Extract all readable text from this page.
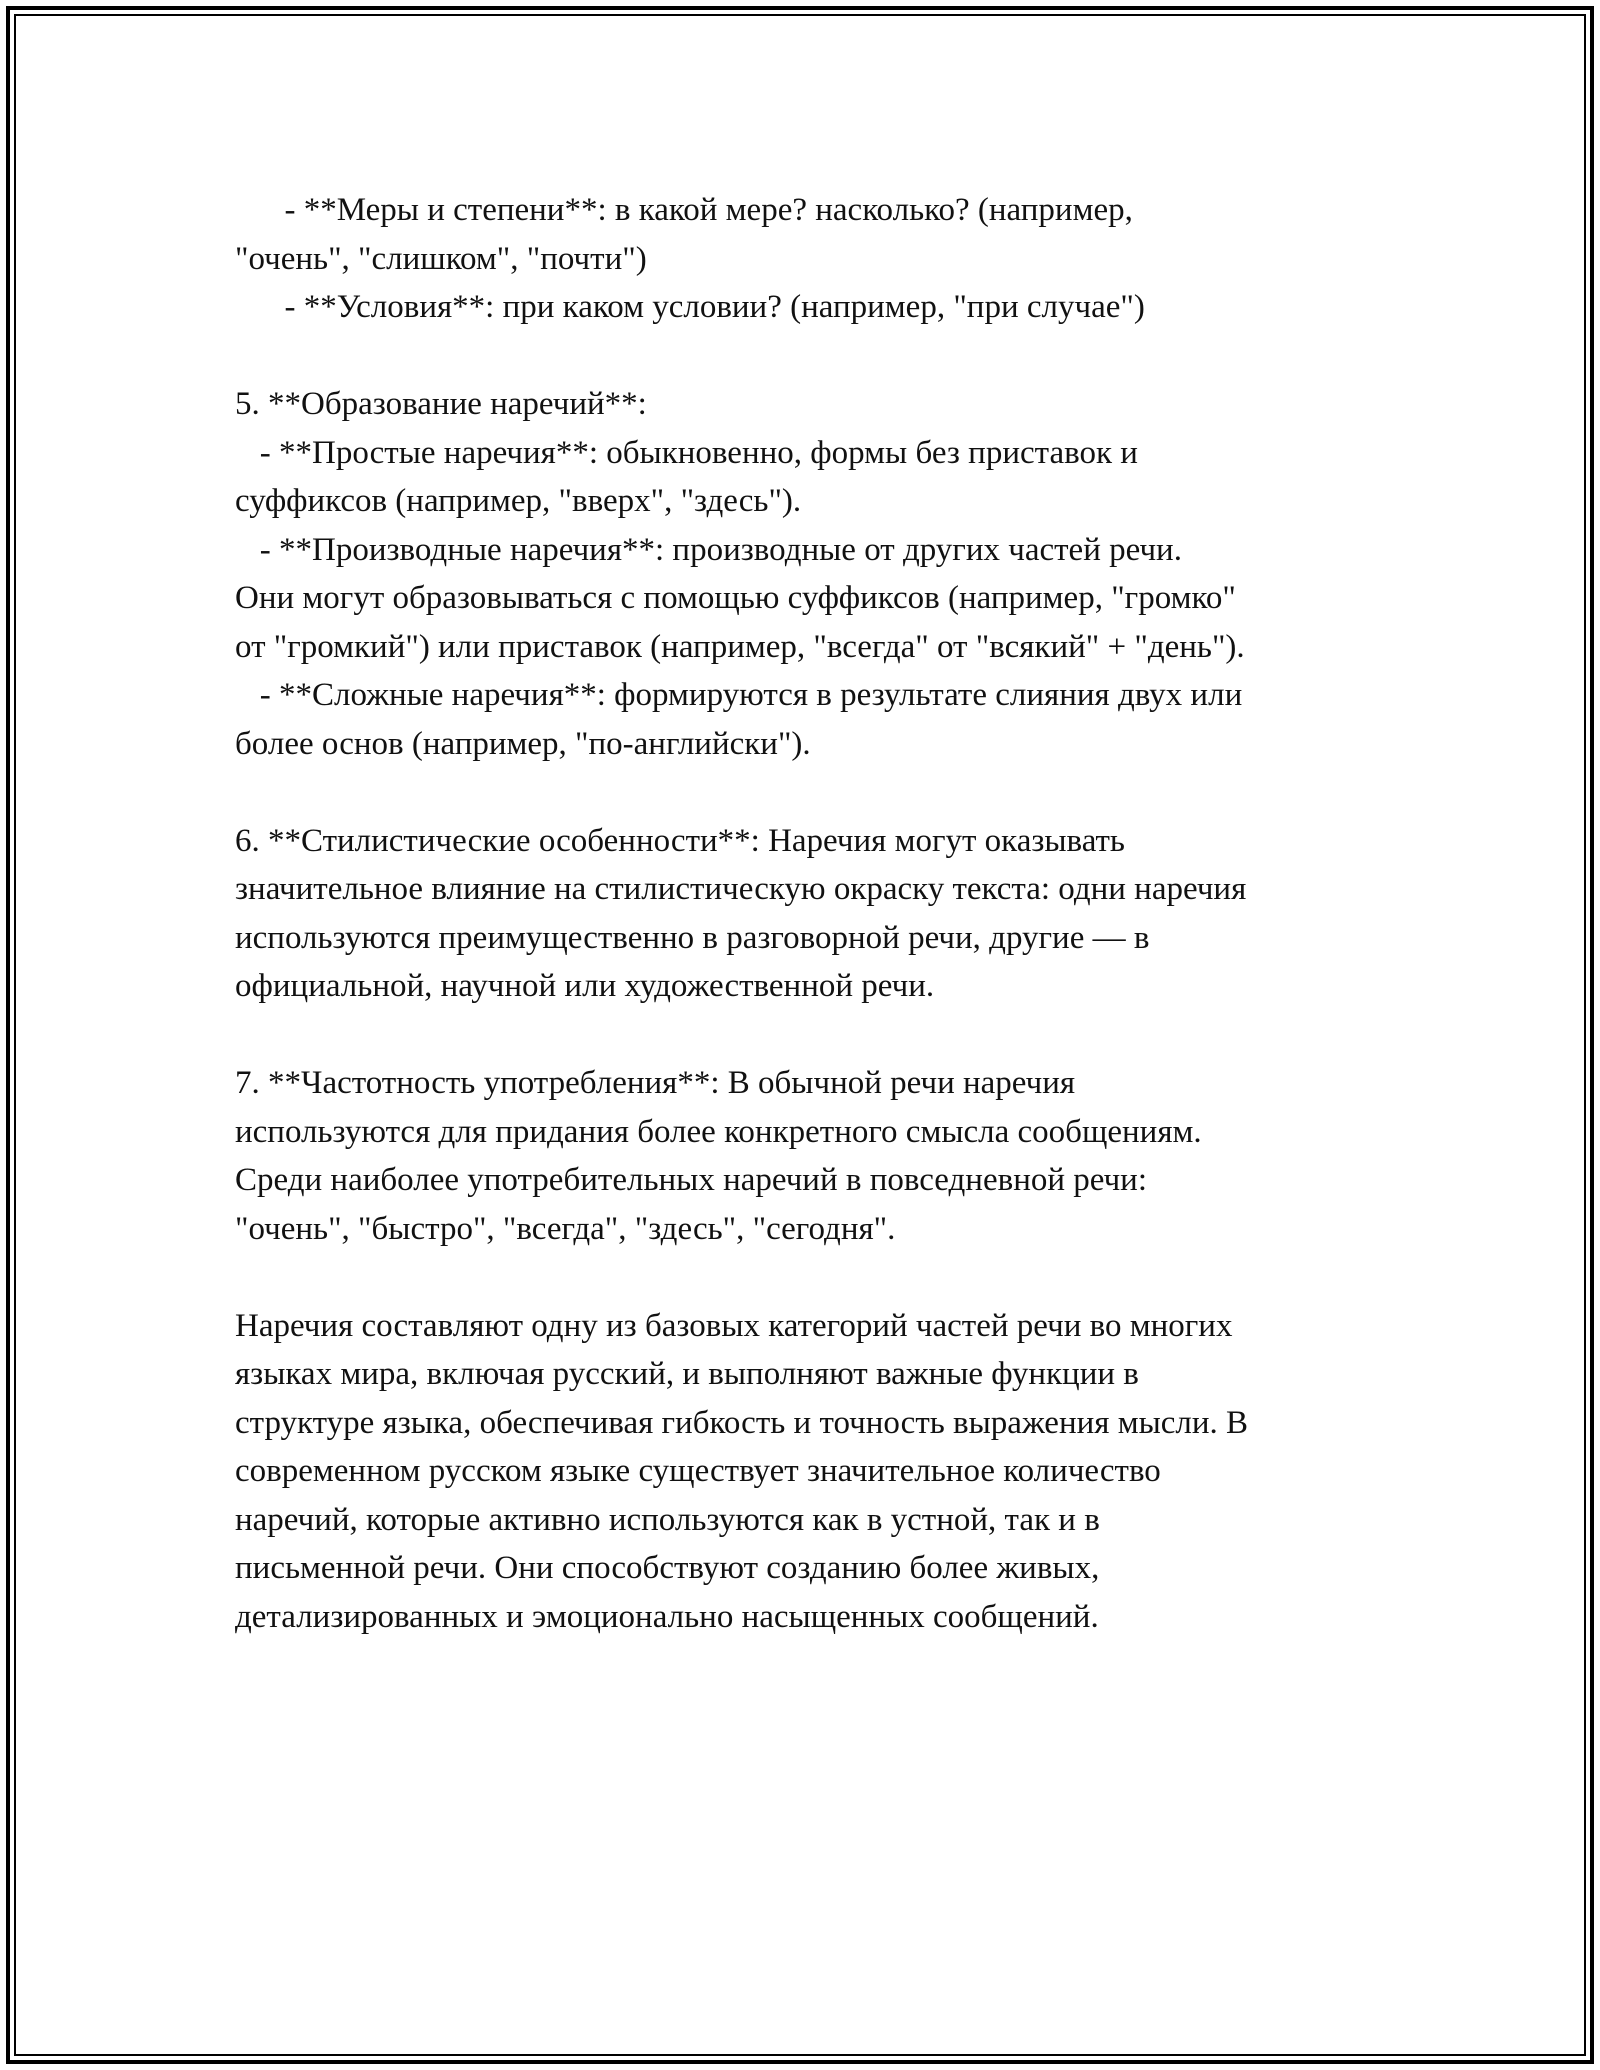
- **Меры и степени**: в какой мере? насколько? (например,
"очень", "слишком", "почти")
- **Условия**: при каком условии? (например, "при случае")
5. **Образование наречий**:
- **Простые наречия**: обыкновенно, формы без приставок и
суффиксов (например, "вверх", "здесь").
- **Производные наречия**: производные от других частей речи.
Они могут образовываться с помощью суффиксов (например, "громко"
от "громкий") или приставок (например, "всегда" от "всякий" + "день").
- **Сложные наречия**: формируются в результате слияния двух или
более основ (например, "по-английски").
6. **Стилистические особенности**: Наречия могут оказывать
значительное влияние на стилистическую окраску текста: одни наречия
используются преимущественно в разговорной речи, другие — в
официальной, научной или художественной речи.
7. **Частотность употребления**: В обычной речи наречия
используются для придания более конкретного смысла сообщениям.
Среди наиболее употребительных наречий в повседневной речи:
"очень", "быстро", "всегда", "здесь", "сегодня".
Наречия составляют одну из базовых категорий частей речи во многих
языках мира, включая русский, и выполняют важные функции в
структуре языка, обеспечивая гибкость и точность выражения мысли. В
современном русском языке существует значительное количество
наречий, которые активно используются как в устной, так и в
письменной речи. Они способствуют созданию более живых,
детализированных и эмоционально насыщенных сообщений.
